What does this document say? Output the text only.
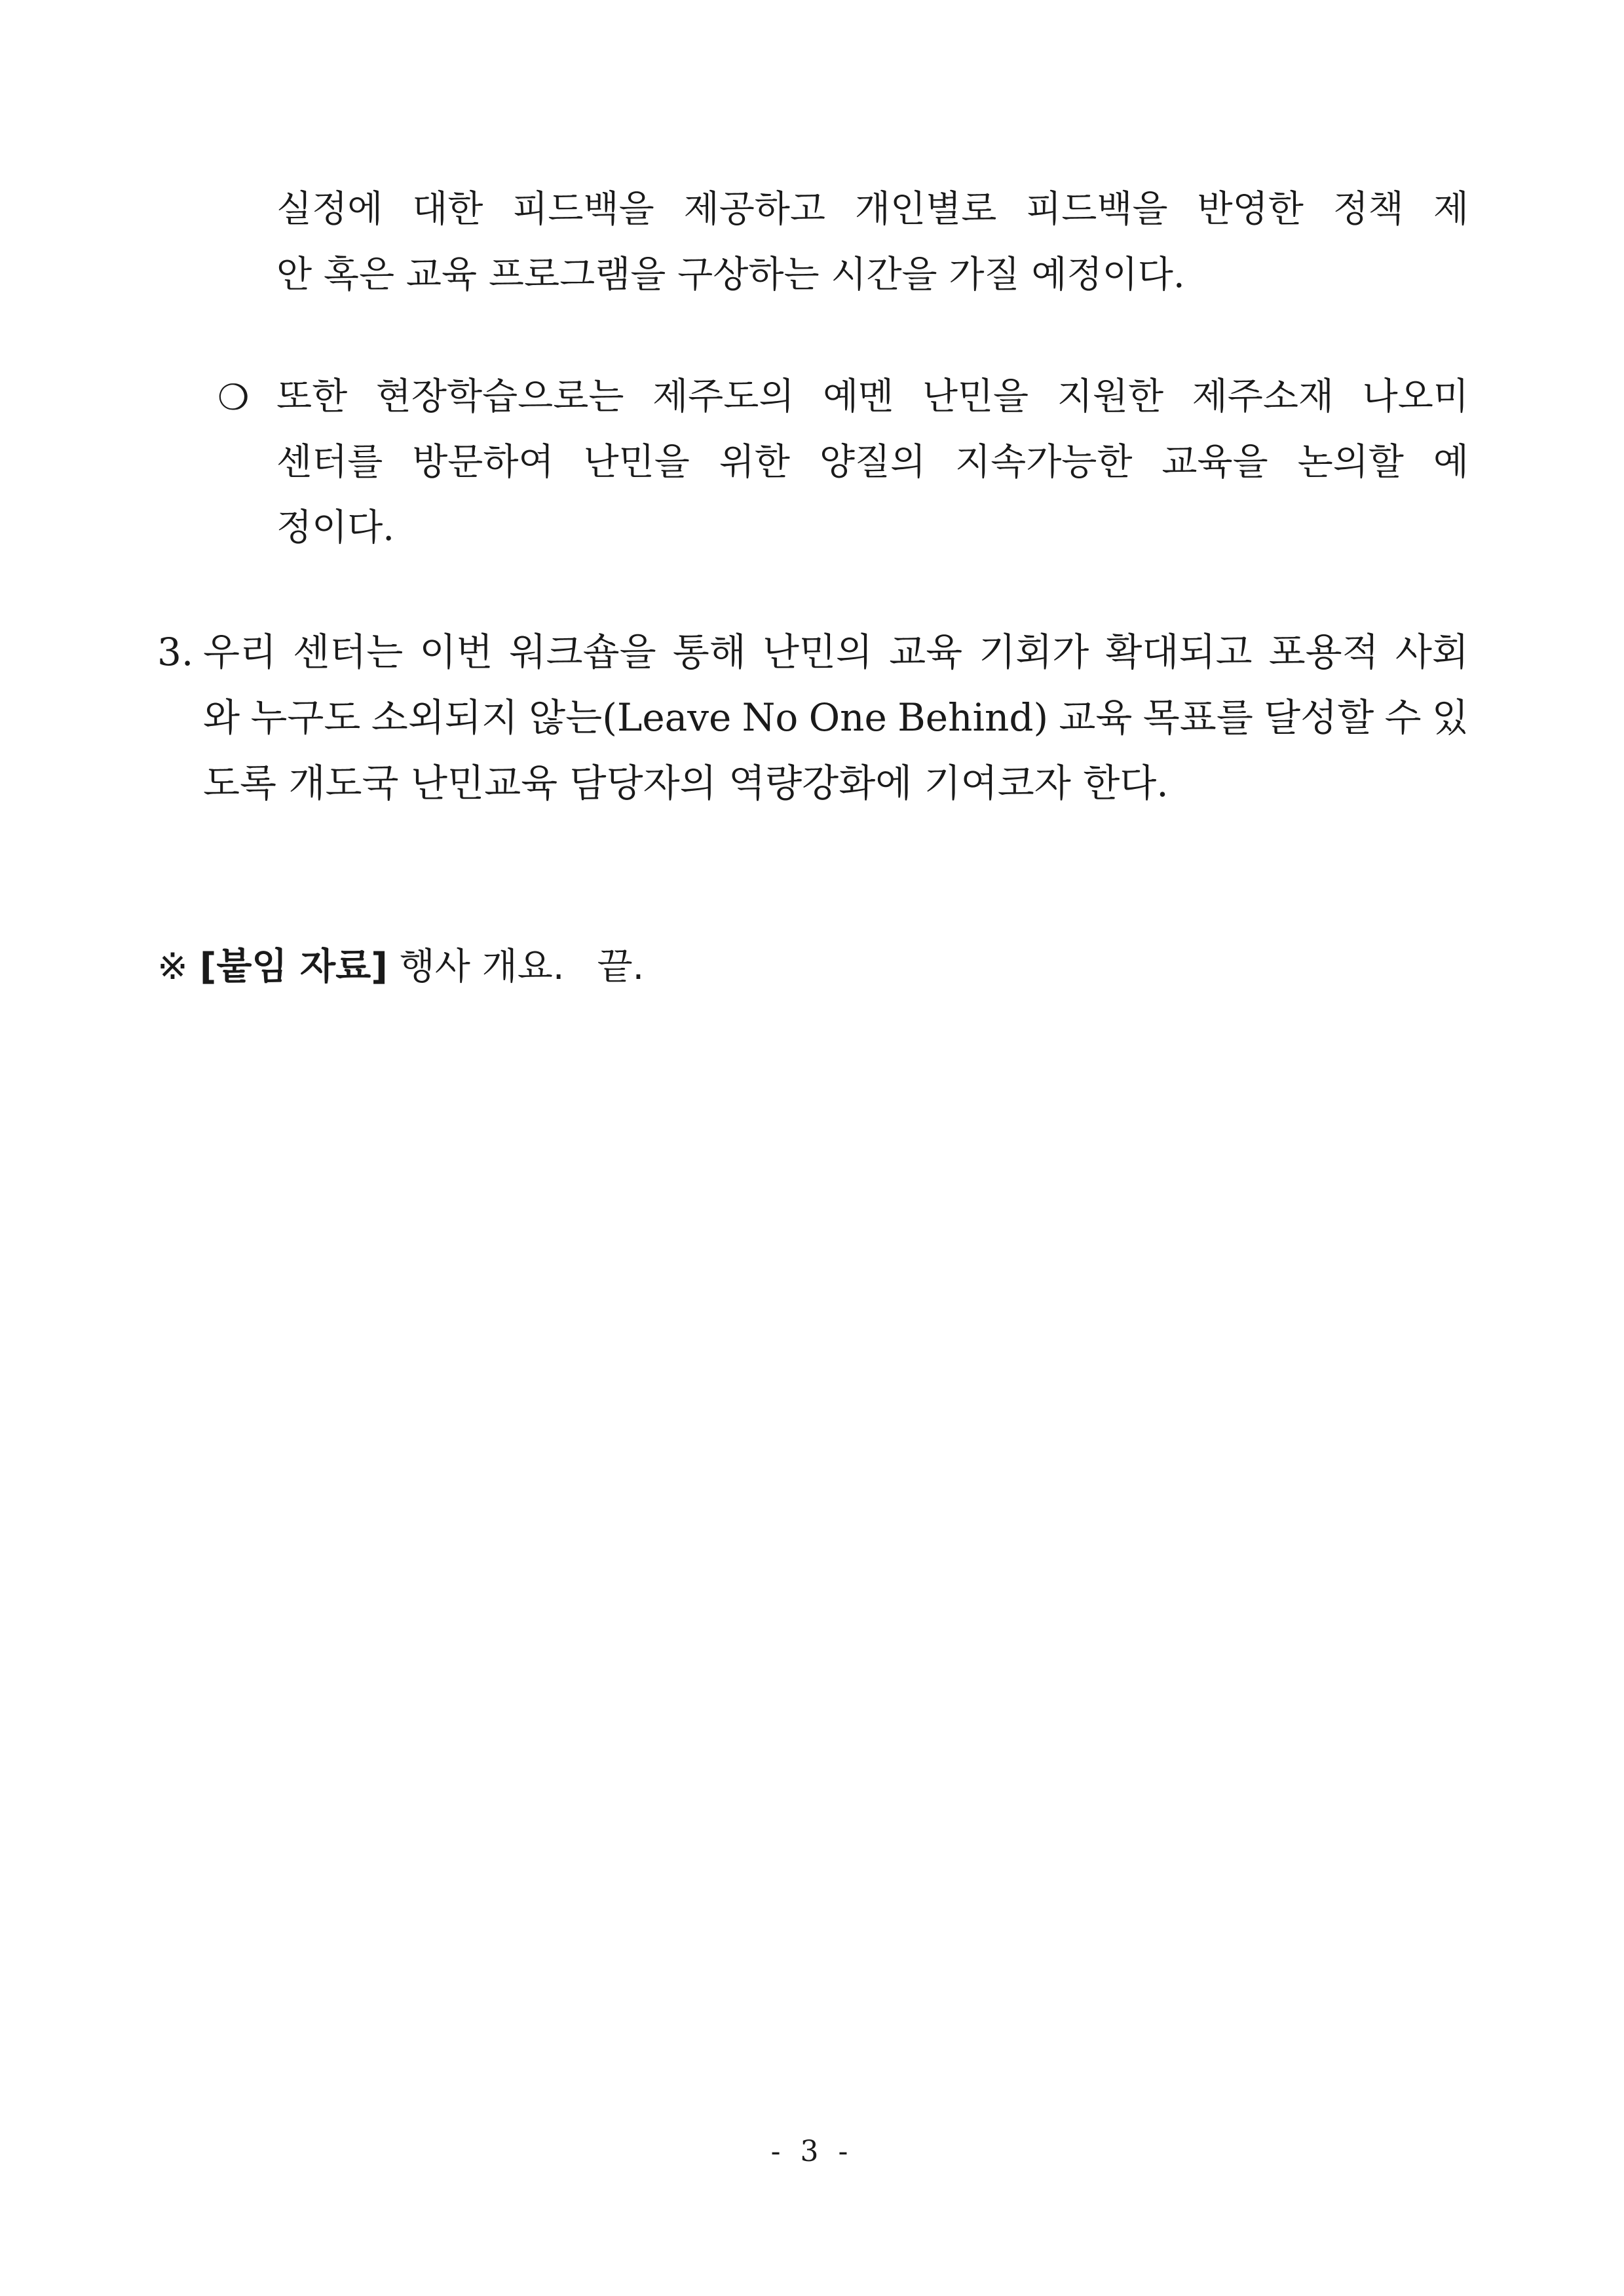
실정에 대한 피드백을 제공하고 개인별로 피드백을 반영한 정책 제
안 혹은 교육 프로그램을 구상하는 시간을 가질 예정이다.
❍ 또한 현장학습으로는 제주도의 예멘 난민을 지원한 제주소재 나오미
센터를 방문하여 난민을 위한 양질의 지속가능한 교육을 논의할 예
정이다.
3. 우리 센터는 이번 워크숍을 통해 난민의 교육 기회가 확대되고 포용적 사회
와 누구도 소외되지 않는(Leave No One Behind) 교육 목표를 달성할 수 있
도록 개도국 난민교육 담당자의 역량강화에 기여코자 한다.
※ [붙임 자료] 행사 개요. 끝.
- 3 -
